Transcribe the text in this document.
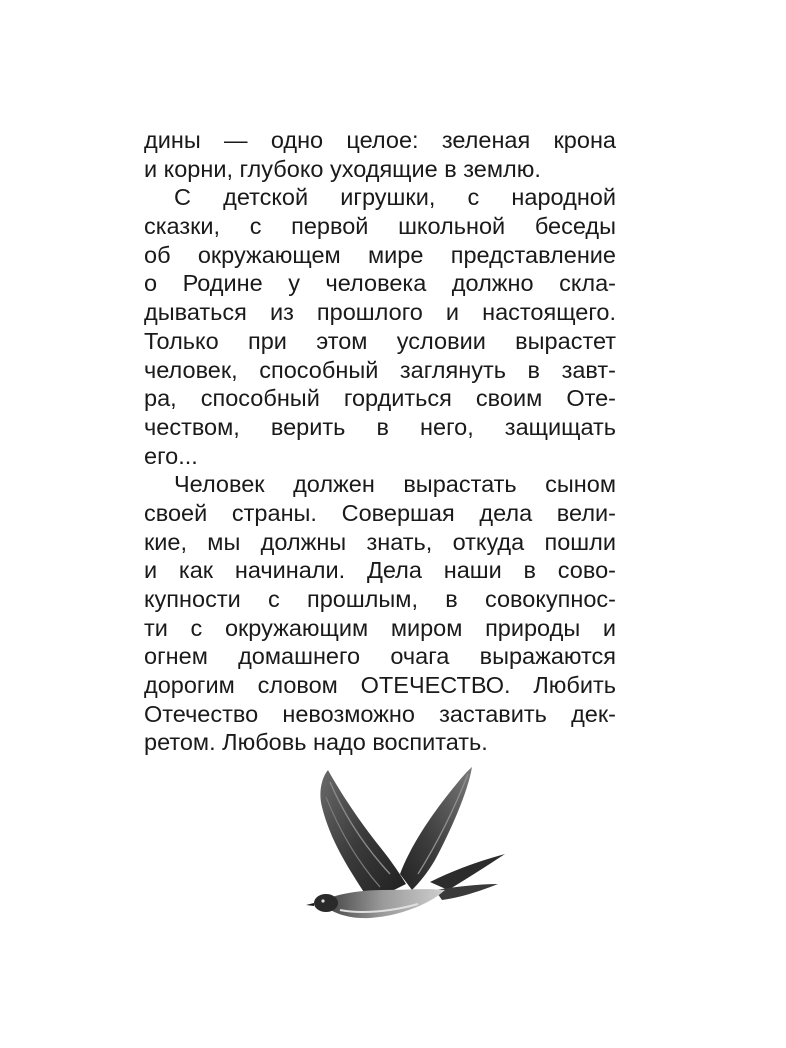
дины — одно целое: зеленая крона
и корни, глубоко уходящие в землю.
С детской игрушки, с народной
сказки, с первой школьной беседы
об окружающем мире представление
о Родине у человека должно скла-
дываться из прошлого и настоящего.
Только при этом условии вырастет
человек, способный заглянуть в завт-
ра, способный гордиться своим Оте-
чеством, верить в него, защищать
его...
Человек должен вырастать сыном
своей страны. Совершая дела вели-
кие, мы должны знать, откуда пошли
и как начинали. Дела наши в сово-
купности с прошлым, в совокупнос-
ти с окружающим миром природы и
огнем домашнего очага выражаются
дорогим словом ОТЕЧЕСТВО. Любить
Отечество невозможно заставить дек-
ретом. Любовь надо воспитать.
